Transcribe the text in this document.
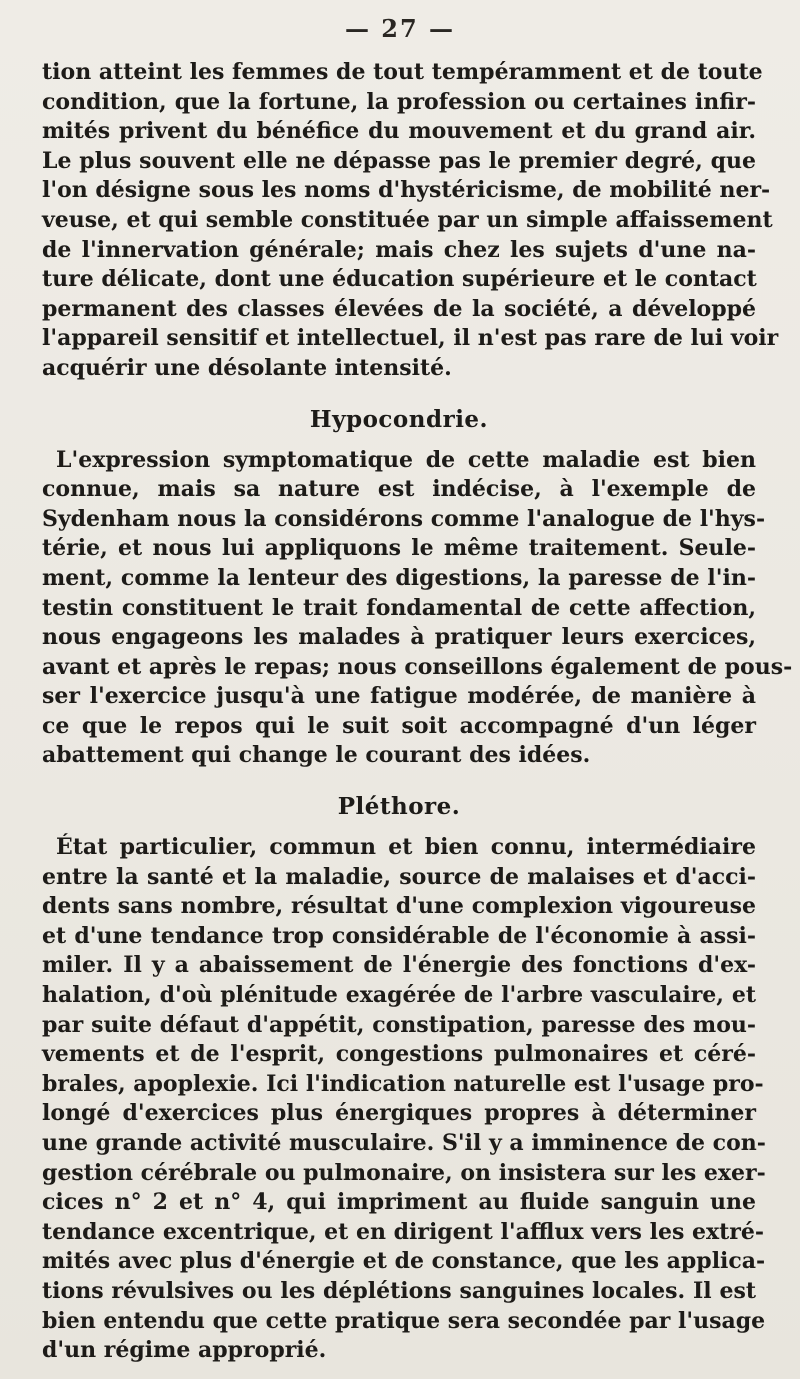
— 27 —

tion atteint les femmes de tout tempéramment et de toute
condition, que la fortune, la profession ou certaines infir-
mités privent du bénéfice du mouvement et du grand air.
Le plus souvent elle ne dépasse pas le premier degré, que
l'on désigne sous les noms d'hystéricisme, de mobilité ner-
veuse, et qui semble constituée par un simple affaissement
de l'innervation générale; mais chez les sujets d'une na-
ture délicate, dont une éducation supérieure et le contact
permanent des classes élevées de la société, a développé
l'appareil sensitif et intellectuel, il n'est pas rare de lui voir
acquérir une désolante intensité.

Hypocondrie.

L'expression symptomatique de cette maladie est bien
connue, mais sa nature est indécise, à l'exemple de
Sydenham nous la considérons comme l'analogue de l'hys-
térie, et nous lui appliquons le même traitement. Seule-
ment, comme la lenteur des digestions, la paresse de l'in-
testin constituent le trait fondamental de cette affection,
nous engageons les malades à pratiquer leurs exercices,
avant et après le repas; nous conseillons également de pous-
ser l'exercice jusqu'à une fatigue modérée, de manière à
ce que le repos qui le suit soit accompagné d'un léger
abattement qui change le courant des idées.

Pléthore.

État particulier, commun et bien connu, intermédiaire
entre la santé et la maladie, source de malaises et d'acci-
dents sans nombre, résultat d'une complexion vigoureuse
et d'une tendance trop considérable de l'économie à assi-
miler. Il y a abaissement de l'énergie des fonctions d'ex-
halation, d'où plénitude exagérée de l'arbre vasculaire, et
par suite défaut d'appétit, constipation, paresse des mou-
vements et de l'esprit, congestions pulmonaires et céré-
brales, apoplexie. Ici l'indication naturelle est l'usage pro-
longé d'exercices plus énergiques propres à déterminer
une grande activité musculaire. S'il y a imminence de con-
gestion cérébrale ou pulmonaire, on insistera sur les exer-
cices n° 2 et n° 4, qui impriment au fluide sanguin une
tendance excentrique, et en dirigent l'afflux vers les extré-
mités avec plus d'énergie et de constance, que les applica-
tions révulsives ou les déplétions sanguines locales. Il est
bien entendu que cette pratique sera secondée par l'usage
d'un régime approprié.
